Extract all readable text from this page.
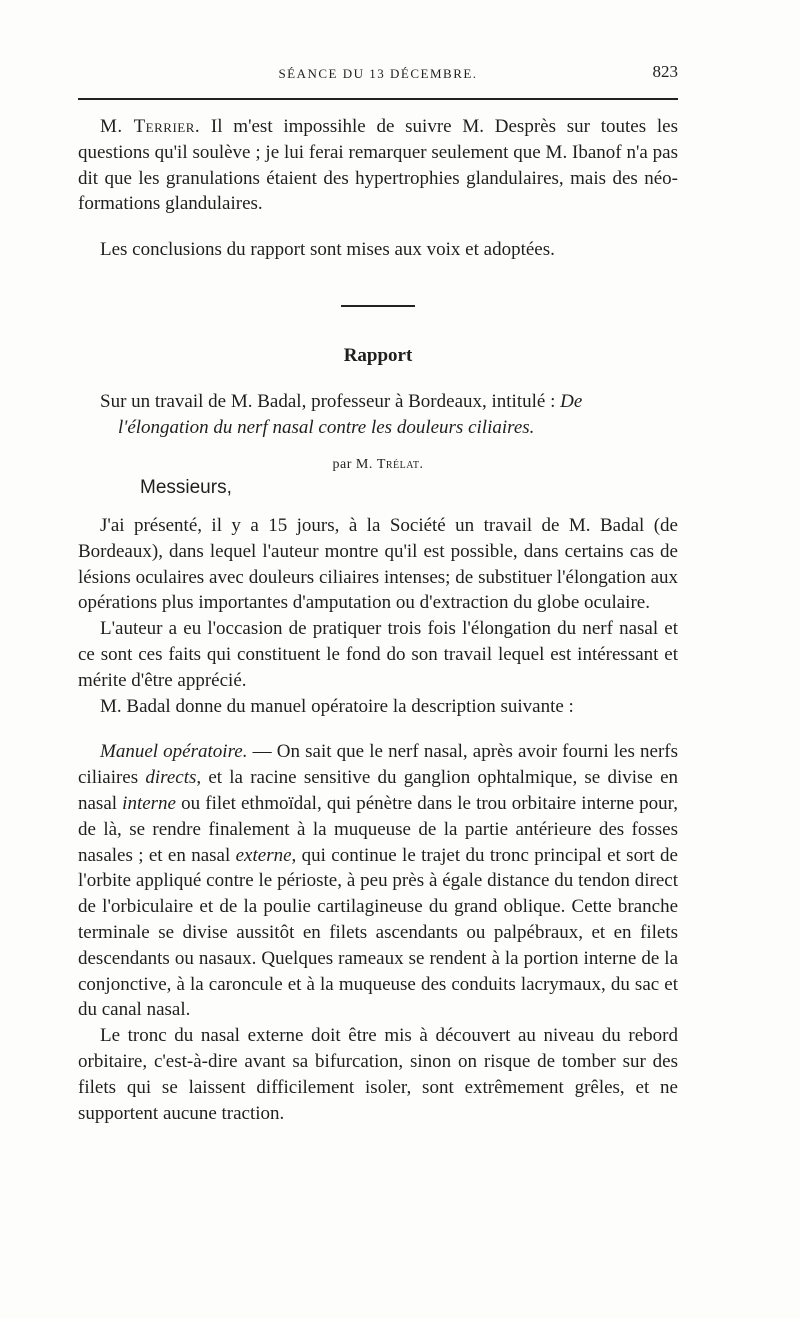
SÉANCE DU 13 DÉCEMBRE.	823

M. Terrier. Il m'est impossihle de suivre M. Desprès sur toutes les questions qu'il soulève ; je lui ferai remarquer seulement que M. Ibanof n'a pas dit que les granulations étaient des hypertrophies glandulaires, mais des néo-formations glandulaires.

Les conclusions du rapport sont mises aux voix et adoptées.

Rapport

Sur un travail de M. Badal, professeur à Bordeaux, intitulé : De
l'élongation du nerf nasal contre les douleurs ciliaires.

par M. Trélat.
Messieurs,

J'ai présenté, il y a 15 jours, à la Société un travail de M. Badal (de Bordeaux), dans lequel l'auteur montre qu'il est possible, dans certains cas de lésions oculaires avec douleurs ciliaires intenses; de substituer l'élongation aux opérations plus importantes d'amputation ou d'extraction du globe oculaire.

L'auteur a eu l'occasion de pratiquer trois fois l'élongation du nerf nasal et ce sont ces faits qui constituent le fond do son travail lequel est intéressant et mérite d'être apprécié.

M. Badal donne du manuel opératoire la description suivante :

Manuel opératoire. — On sait que le nerf nasal, après avoir fourni les nerfs ciliaires directs, et la racine sensitive du ganglion ophtalmique, se divise en nasal interne ou filet ethmoïdal, qui pénètre dans le trou orbitaire interne pour, de là, se rendre finalement à la muqueuse de la partie antérieure des fosses nasales ; et en nasal externe, qui continue le trajet du tronc principal et sort de l'orbite appliqué contre le périoste, à peu près à égale distance du tendon direct de l'orbiculaire et de la poulie cartilagineuse du grand oblique. Cette branche terminale se divise aussitôt en filets ascendants ou palpébraux, et en filets descendants ou nasaux. Quelques rameaux se rendent à la portion interne de la conjonctive, à la caroncule et à la muqueuse des conduits lacrymaux, du sac et du canal nasal.

Le tronc du nasal externe doit être mis à découvert au niveau du rebord orbitaire, c'est-à-dire avant sa bifurcation, sinon on risque de tomber sur des filets qui se laissent difficilement isoler, sont extrêmement grêles, et ne supportent aucune traction.
